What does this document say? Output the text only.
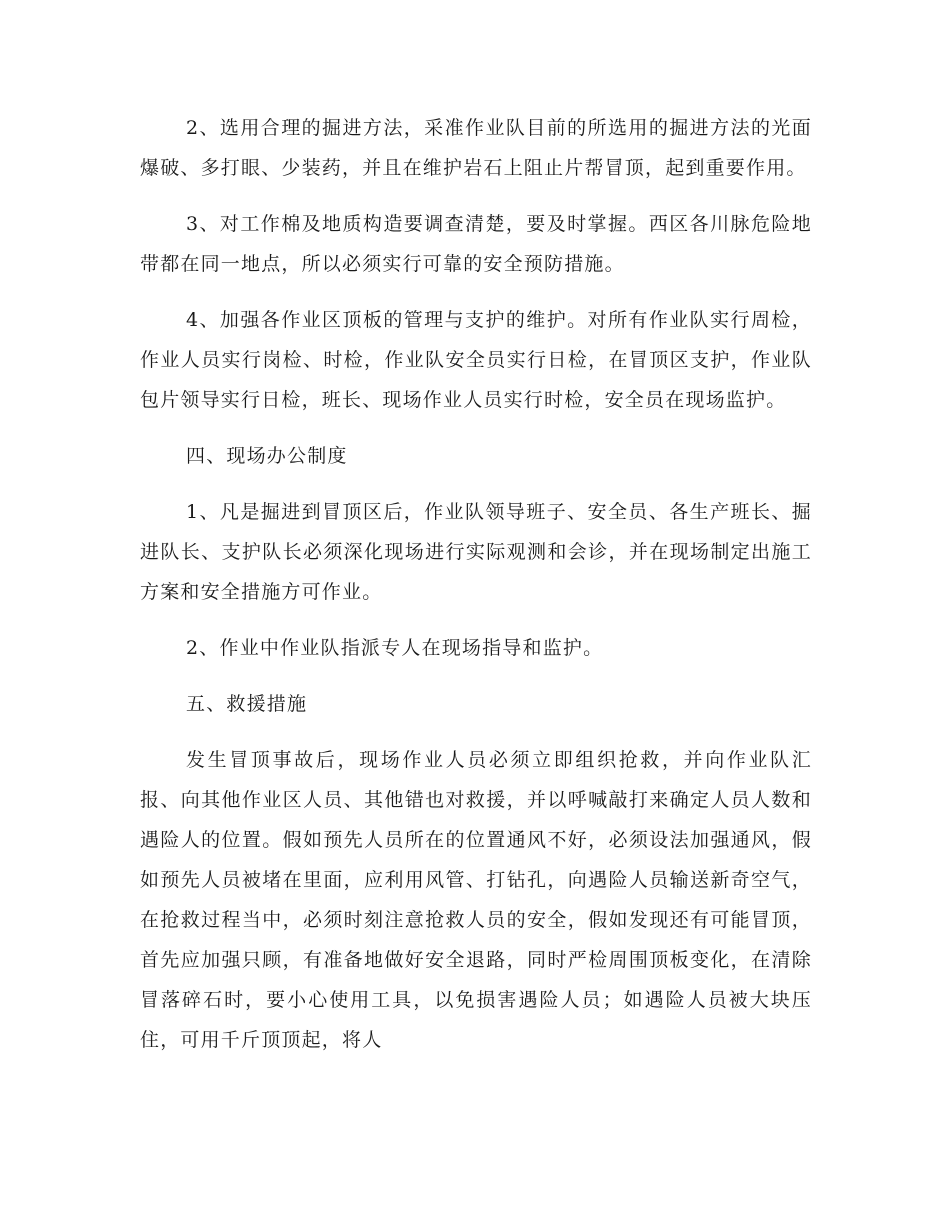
2、选用合理的掘进方法，采准作业队目前的所选用的掘进方法的光面爆破、多打眼、少装药，并且在维护岩石上阻止片帮冒顶，起到重要作用。

3、对工作棉及地质构造要调查清楚，要及时掌握。西区各川脉危险地带都在同一地点，所以必须实行可靠的安全预防措施。

4、加强各作业区顶板的管理与支护的维护。对所有作业队实行周检，作业人员实行岗检、时检，作业队安全员实行日检，在冒顶区支护，作业队包片领导实行日检，班长、现场作业人员实行时检，安全员在现场监护。

四、现场办公制度

1、凡是掘进到冒顶区后，作业队领导班子、安全员、各生产班长、掘进队长、支护队长必须深化现场进行实际观测和会诊，并在现场制定出施工方案和安全措施方可作业。

2、作业中作业队指派专人在现场指导和监护。

五、救援措施

发生冒顶事故后，现场作业人员必须立即组织抢救，并向作业队汇报、向其他作业区人员、其他错也对救援，并以呼喊敲打来确定人员人数和遇险人的位置。假如预先人员所在的位置通风不好，必须设法加强通风，假如预先人员被堵在里面，应利用风管、打钻孔，向遇险人员输送新奇空气，在抢救过程当中，必须时刻注意抢救人员的安全，假如发现还有可能冒顶，首先应加强只顾，有准备地做好安全退路，同时严检周围顶板变化，在清除冒落碎石时，要小心使用工具，以免损害遇险人员；如遇险人员被大块压住，可用千斤顶顶起，将人
